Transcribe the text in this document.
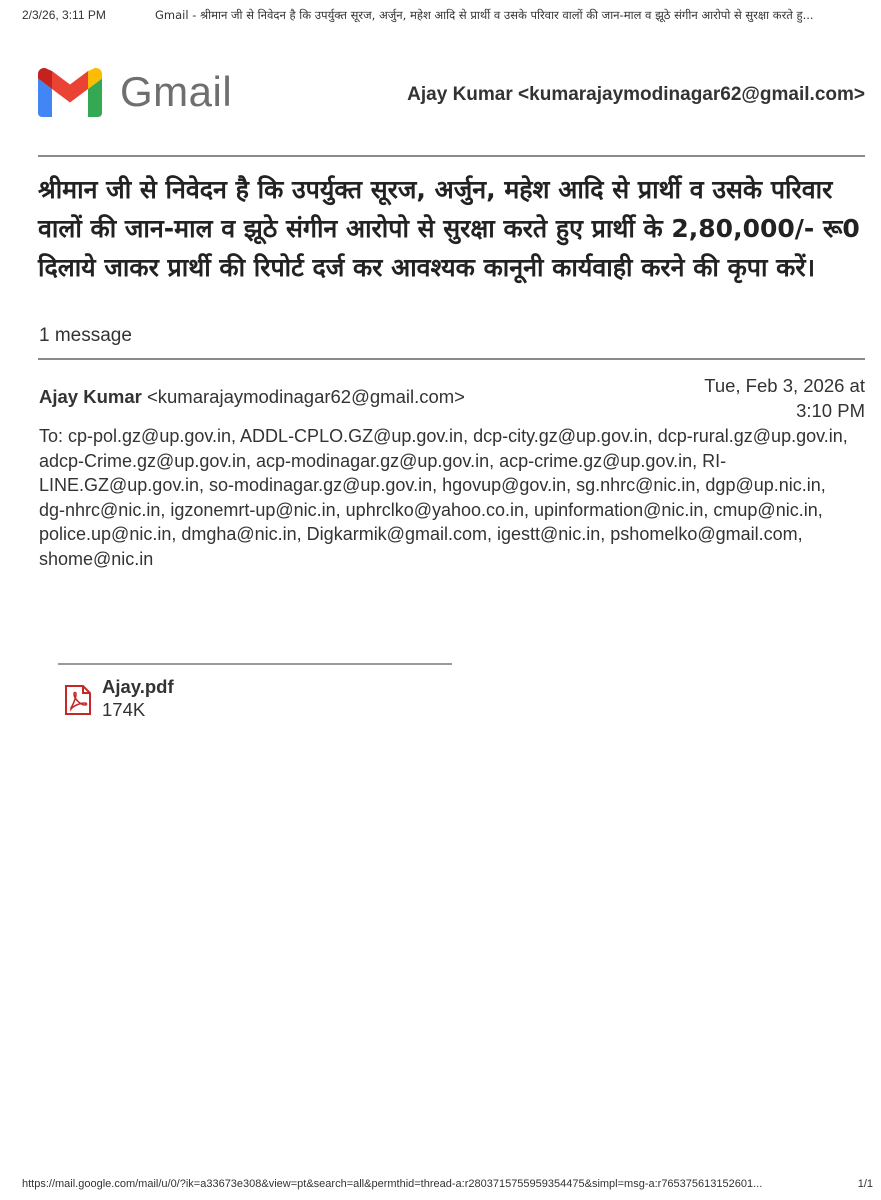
2/3/26, 3:11 PM	Gmail - श्रीमान जी से निवेदन है कि उपर्युक्त सूरज, अर्जुन, महेश आदि से प्रार्थी व उसके परिवार वालों की जान-माल व झूठे संगीन आरोपो से सुरक्षा करते हु...
Gmail	Ajay Kumar <kumarajaymodinagar62@gmail.com>
श्रीमान जी से निवेदन है कि उपर्युक्त सूरज, अर्जुन, महेश आदि से प्रार्थी व उसके परिवार वालों की जान-माल व झूठे संगीन आरोपो से सुरक्षा करते हुए प्रार्थी के 2,80,000/- रू0 दिलाये जाकर प्रार्थी की रिपोर्ट दर्ज कर आवश्यक कानूनी कार्यवाही करने की कृपा करें।
1 message
Ajay Kumar <kumarajaymodinagar62@gmail.com>
Tue, Feb 3, 2026 at
3:10 PM
To: cp-pol.gz@up.gov.in, ADDL-CPLO.GZ@up.gov.in, dcp-city.gz@up.gov.in, dcp-rural.gz@up.gov.in, adcp-Crime.gz@up.gov.in, acp-modinagar.gz@up.gov.in, acp-crime.gz@up.gov.in, RI-LINE.GZ@up.gov.in, so-modinagar.gz@up.gov.in, hgovup@gov.in, sg.nhrc@nic.in, dgp@up.nic.in, dg-nhrc@nic.in, igzonemrt-up@nic.in, uphrclko@yahoo.co.in, upinformation@nic.in, cmup@nic.in, police.up@nic.in, dmgha@nic.in, Digkarmik@gmail.com, igestt@nic.in, pshomelko@gmail.com, shome@nic.in
Ajay.pdf
174K
https://mail.google.com/mail/u/0/?ik=a33673e308&view=pt&search=all&permthid=thread-a:r2803715755959354475&simpl=msg-a:r765375613152601...	1/1
